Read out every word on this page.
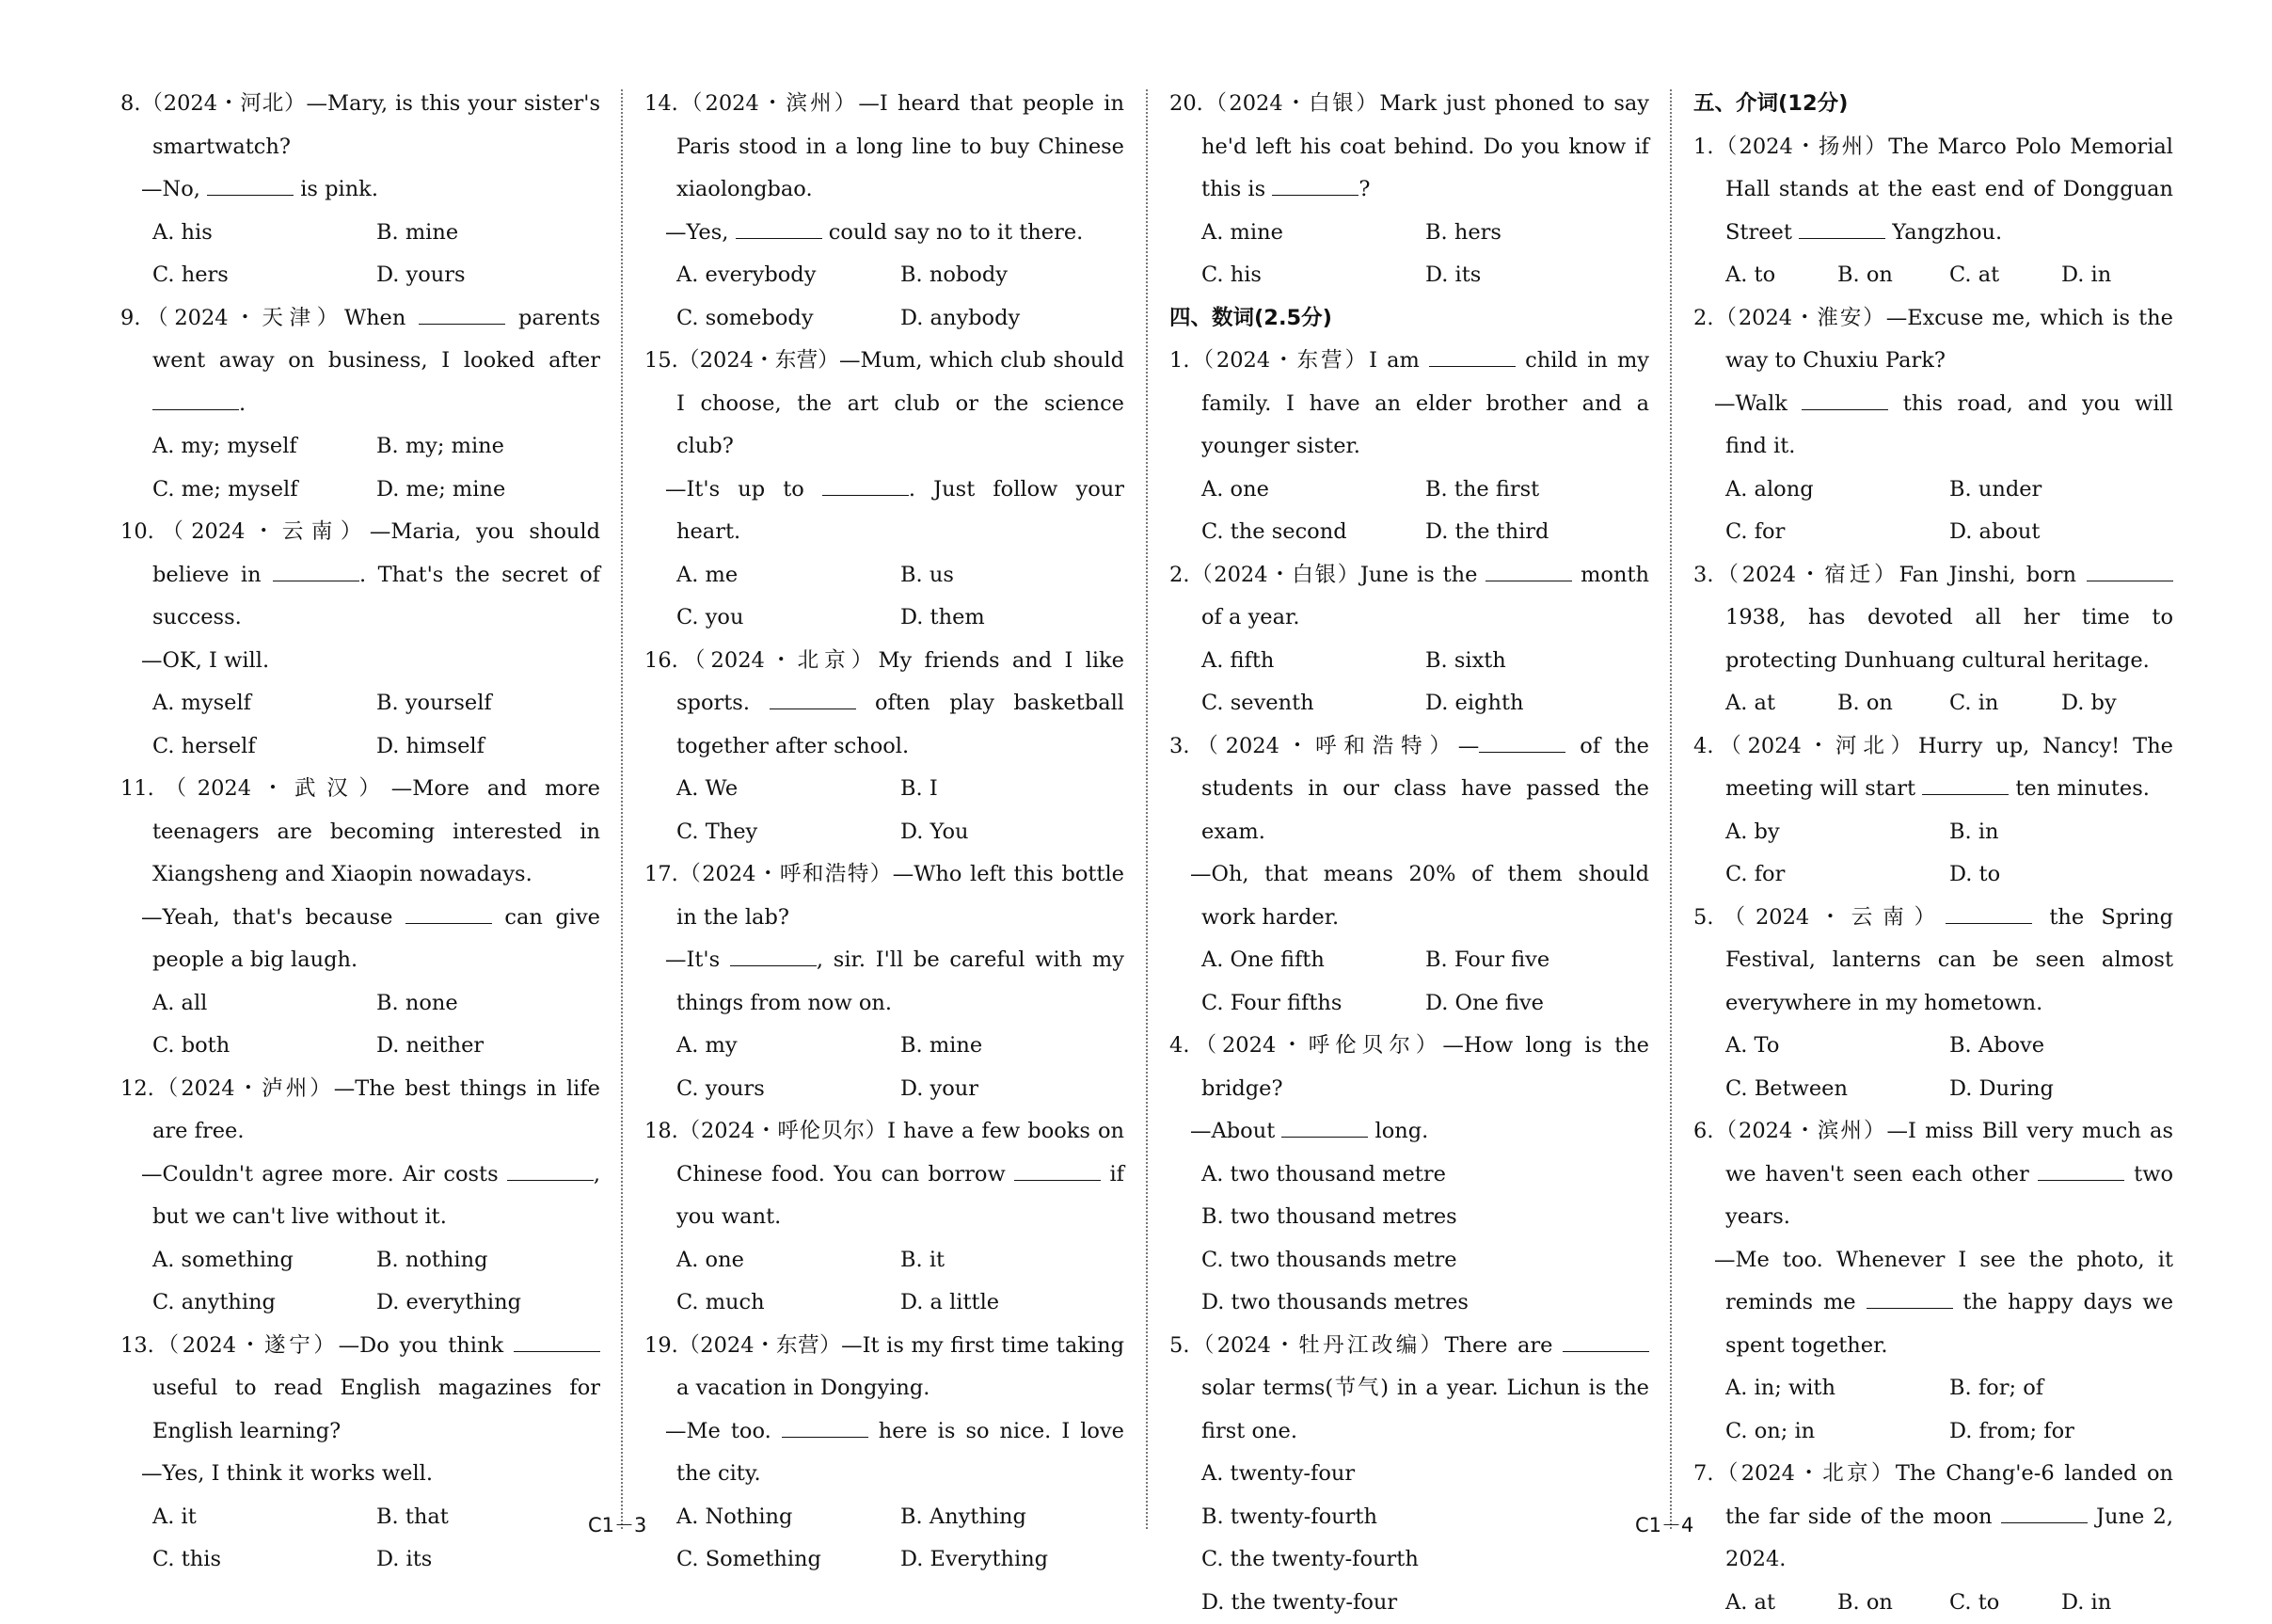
8.（2024・河北）—Mary, is this your sister's smartwatch?
—No,	is pink.
A. his	B. mine
C. hers	D. yours
9.（2024・天津）When	parents went away on business, I looked after .
A. my; myself	B. my; mine
C. me; myself	D. me; mine
10.（2024・云南）—Maria, you should believe in	. That's the secret of success.
—OK, I will.
A. myself	B. yourself
C. herself	D. himself
11.（2024・武汉）—More and more teenagers are becoming interested in Xiangsheng and Xiaopin nowadays.
—Yeah, that's because	can give people a big laugh.
A. all	B. none
C. both	D. neither
12.（2024・泸州）—The best things in life are free.
—Couldn't agree more. Air costs	, but we can't live without it.
A. something	B. nothing
C. anything	D. everything
13.（2024・遂宁）—Do you think  useful to read English magazines for English learning?
—Yes, I think it works well.
A. it	B. that
C. this	D. its
14.（2024・滨州）—I heard that people in Paris stood in a long line to buy Chinese xiaolongbao.
—Yes,	could say no to it there.
A. everybody	B. nobody
C. somebody	D. anybody
15.（2024・东营）—Mum, which club should I choose, the art club or the science club?
—It's up to	. Just follow your heart.
A. me	B. us
C. you	D. them
16.（2024・北京）My friends and I like sports.	often play basketball together after school.
A. We	B. I
C. They	D. You
17.（2024・呼和浩特）—Who left this bottle in the lab?
—It's	, sir. I'll be careful with my things from now on.
A. my	B. mine
C. yours	D. your
18.（2024・呼伦贝尔）I have a few books on Chinese food. You can borrow	if you want.
A. one	B. it
C. much	D. a little
19.（2024・东营）—It is my first time taking a vacation in Dongying.
—Me too.	here is so nice. I love the city.
A. Nothing	B. Anything
C. Something	D. Everything
20.（2024・白银）Mark just phoned to say he'd left his coat behind. Do you know if this is	?
A. mine	B. hers
C. his	D. its
四、数词(2.5分)
1.（2024・东营）I am	child in my family. I have an elder brother and a younger sister.
A. one	B. the first
C. the second	D. the third
2.（2024・白银）June is the	month of a year.
A. fifth	B. sixth
C. seventh	D. eighth
3.（2024・呼和浩特）—	of the students in our class have passed the exam.
—Oh, that means 20% of them should work harder.
A. One fifth	B. Four five
C. Four fifths	D. One five
4.（2024・呼伦贝尔）—How long is the bridge?
—About	long.
A. two thousand metre
B. two thousand metres
C. two thousands metre
D. two thousands metres
5.（2024・牡丹江改编）There are  solar terms(节气) in a year. Lichun is the first one.
A. twenty-four
B. twenty-fourth
C. the twenty-fourth
D. the twenty-four
五、介词(12分)
1.（2024・扬州）The Marco Polo Memorial Hall stands at the east end of Dongguan Street	Yangzhou.
A. to	B. on	C. at	D. in
2.（2024・淮安）—Excuse me, which is the way to Chuxiu Park?
—Walk	this road, and you will find it.
A. along	B. under
C. for	D. about
3.（2024・宿迁）Fan Jinshi, born  1938, has devoted all her time to protecting Dunhuang cultural heritage.
A. at	B. on	C. in	D. by
4.（2024・河北）Hurry up, Nancy! The meeting will start	ten minutes.
A. by	B. in
C. for	D. to
5.（2024・云南）	the Spring Festival, lanterns can be seen almost everywhere in my hometown.
A. To	B. Above
C. Between	D. During
6.（2024・滨州）—I miss Bill very much as we haven't seen each other	two years.
—Me too. Whenever I see the photo, it reminds me	the happy days we spent together.
A. in; with	B. for; of
C. on; in	D. from; for
7.（2024・北京）The Chang'e-6 landed on the far side of the moon	June 2, 2024.
A. at	B. on	C. to	D. in
C1－3	C1－4
